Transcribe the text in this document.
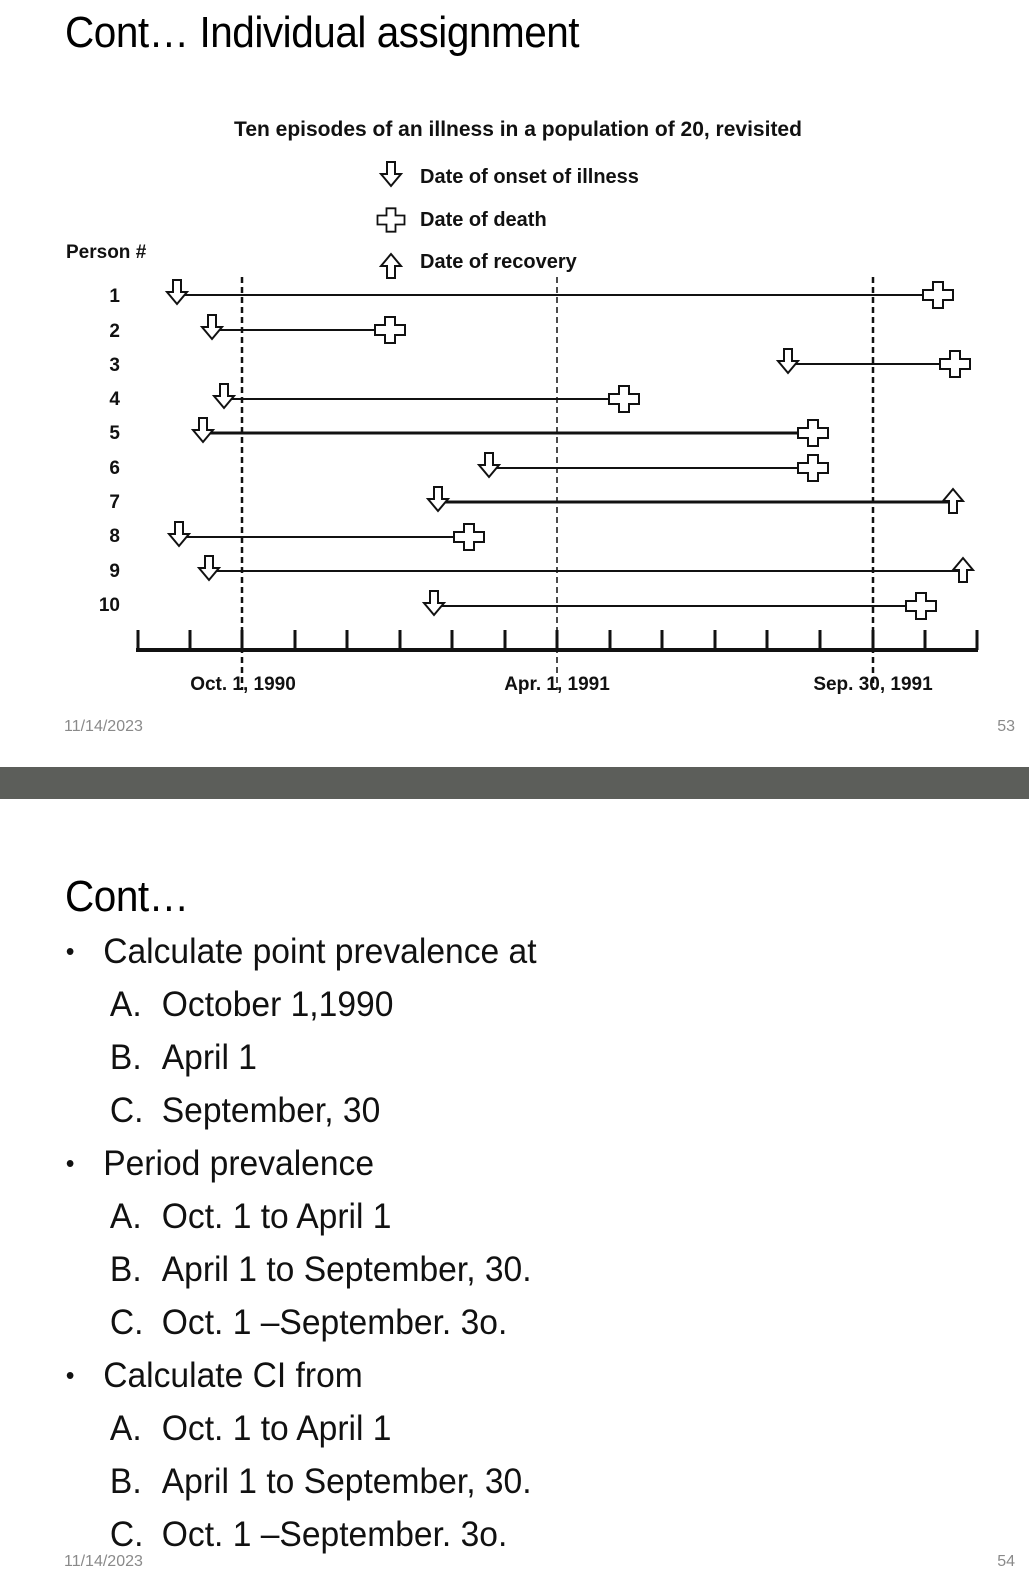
Cont… Individual assignment
Ten episodes of an illness in a population of 20, revisited
Date of onset of illness
Date of death
Date of recovery
Person #
1
2
3
4
5
6
7
8
9
10
Oct. 1, 1990	Apr. 1, 1991	Sep. 30, 1991
11/14/2023	53
Cont…
• Calculate point prevalence at
A. October 1,1990
B. April 1
C. September, 30
• Period prevalence
A. Oct. 1 to April 1
B. April 1 to September, 30.
C. Oct. 1 –September. 3o.
• Calculate CI from
A. Oct. 1 to April 1
B. April 1 to September, 30.
C. Oct. 1 –September. 3o.
11/14/2023	54
